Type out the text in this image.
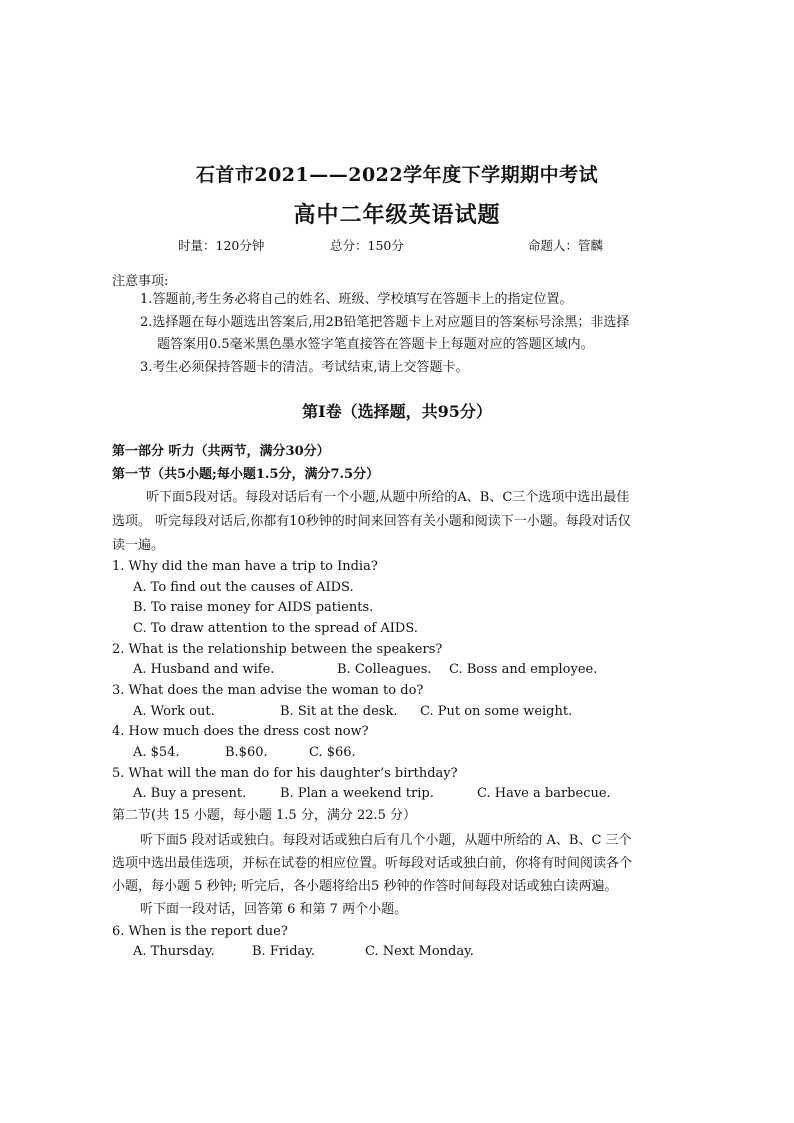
石首市2021——2022学年度下学期期中考试
高中二年级英语试题
时量：120分钟	总分：150分	命题人：管麟
注意事项:
1.答题前,考生务必将自己的姓名、班级、学校填写在答题卡上的指定位置。
2.选择题在每小题选出答案后,用2B铅笔把答题卡上对应题目的答案标号涂黑；非选择
题答案用0.5毫米黑色墨水签字笔直接答在答题卡上每题对应的答题区域内。
3.考生必须保持答题卡的清洁。考试结束,请上交答题卡。
第Ⅰ卷（选择题，共95分）
第一部分 听力（共两节，满分30分）
第一节（共5小题;每小题1.5分，满分7.5分）
听下面5段对话。每段对话后有一个小题,从题中所给的A、B、C三个选项中选出最佳
选项。 听完每段对话后,你都有10秒钟的时间来回答有关小题和阅读下一小题。每段对话仅
读一遍。
1. Why did the man have a trip to India?
A. To find out the causes of AIDS.
B. To raise money for AIDS patients.
C. To draw attention to the spread of AIDS.
2. What is the relationship between the speakers?
A. Husband and wife.	B. Colleagues. C. Boss and employee.
3. What does the man advise the woman to do?
A. Work out.	B. Sit at the desk. C. Put on some weight.
4. How much does the dress cost now?
A. $54.	B.$60.	C. $66.
5. What will the man do for his daughter’s birthday?
A. Buy a present.	B. Plan a weekend trip.	C. Have a barbecue.
第二节(共 15 小题，每小题 1.5 分，满分 22.5 分）
听下面5 段对话或独白。每段对话或独白后有几个小题，从题中所给的 A、B、C 三个
选项中选出最佳选项，并标在试卷的相应位置。听每段对话或独白前，你将有时间阅读各个
小题，每小题 5 秒钟; 听完后，各小题将给出5 秒钟的作答时间每段对话或独白读两遍。
听下面一段对话，回答第 6 和第 7 两个小题。
6. When is the report due?
A. Thursday.	B. Friday.	C. Next Monday.
